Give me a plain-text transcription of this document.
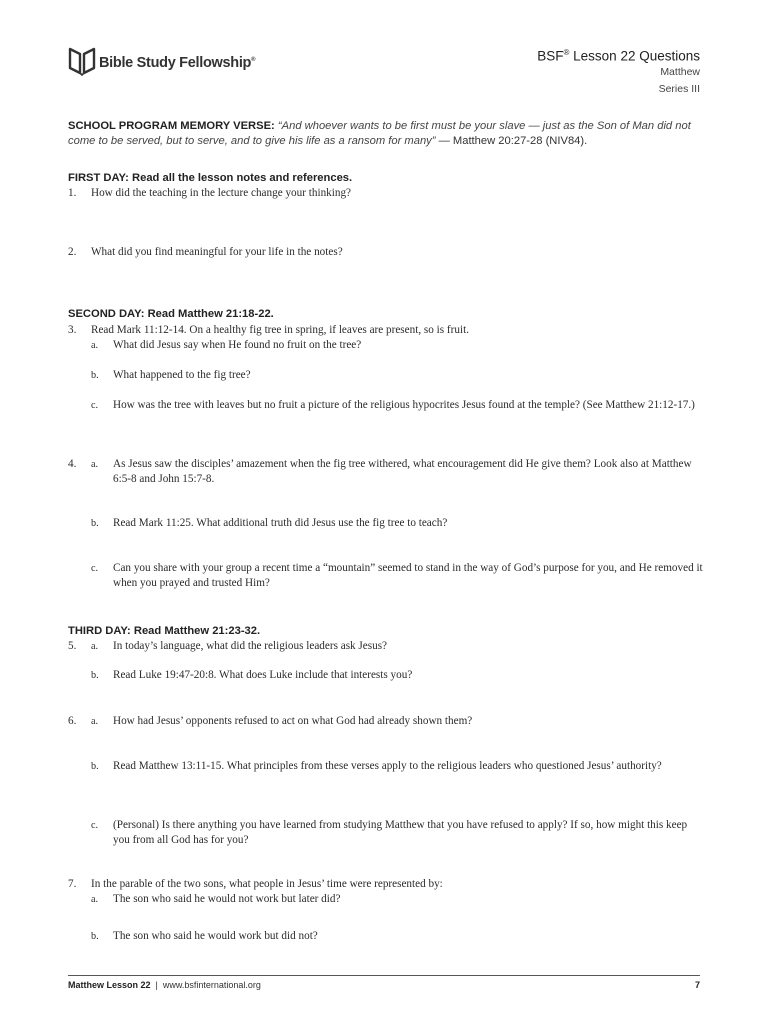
Bible Study Fellowship®	BSF® Lesson 22 Questions
Matthew
Series III
SCHOOL PROGRAM MEMORY VERSE: “And whoever wants to be first must be your slave — just as the Son of Man did not come to be served, but to serve, and to give his life as a ransom for many” — Matthew 20:27-28 (NIV84).
FIRST DAY: Read all the lesson notes and references.
1. How did the teaching in the lecture change your thinking?
2. What did you find meaningful for your life in the notes?
SECOND DAY: Read Matthew 21:18-22.
3. Read Mark 11:12-14. On a healthy fig tree in spring, if leaves are present, so is fruit.
a. What did Jesus say when He found no fruit on the tree?
b. What happened to the fig tree?
c. How was the tree with leaves but no fruit a picture of the religious hypocrites Jesus found at the temple? (See Matthew 21:12-17.)
4. a. As Jesus saw the disciples’ amazement when the fig tree withered, what encouragement did He give them? Look also at Matthew 6:5-8 and John 15:7-8.
b. Read Mark 11:25. What additional truth did Jesus use the fig tree to teach?
c. Can you share with your group a recent time a “mountain” seemed to stand in the way of God’s purpose for you, and He removed it when you prayed and trusted Him?
THIRD DAY: Read Matthew 21:23-32.
5. a. In today’s language, what did the religious leaders ask Jesus?
b. Read Luke 19:47-20:8. What does Luke include that interests you?
6. a. How had Jesus’ opponents refused to act on what God had already shown them?
b. Read Matthew 13:11-15. What principles from these verses apply to the religious leaders who questioned Jesus’ authority?
c. (Personal) Is there anything you have learned from studying Matthew that you have refused to apply? If so, how might this keep you from all God has for you?
7. In the parable of the two sons, what people in Jesus’ time were represented by:
a. The son who said he would not work but later did?
b. The son who said he would work but did not?
Matthew Lesson 22  |  www.bsfinternational.org	7
